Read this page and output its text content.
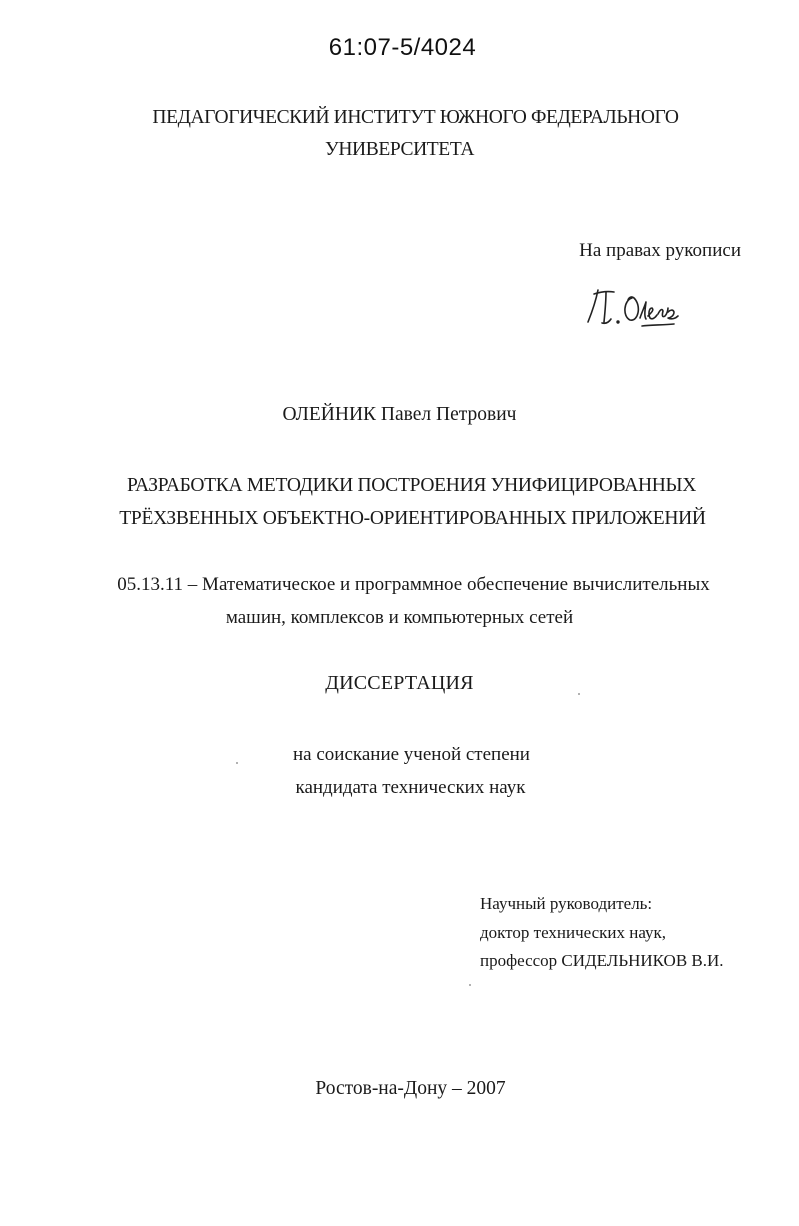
61:07-5/4024
ПЕДАГОГИЧЕСКИЙ ИНСТИТУТ ЮЖНОГО ФЕДЕРАЛЬНОГО
УНИВЕРСИТЕТА
На правах рукописи
ОЛЕЙНИК Павел Петрович
РАЗРАБОТКА МЕТОДИКИ ПОСТРОЕНИЯ УНИФИЦИРОВАННЫХ
ТРЁХЗВЕННЫХ ОБЪЕКТНО-ОРИЕНТИРОВАННЫХ ПРИЛОЖЕНИЙ
05.13.11 – Математическое и программное обеспечение вычислительных
машин, комплексов и компьютерных сетей
ДИССЕРТАЦИЯ
на соискание ученой степени
кандидата технических наук
Научный руководитель:
доктор технических наук,
профессор СИДЕЛЬНИКОВ В.И.
Ростов-на-Дону – 2007
